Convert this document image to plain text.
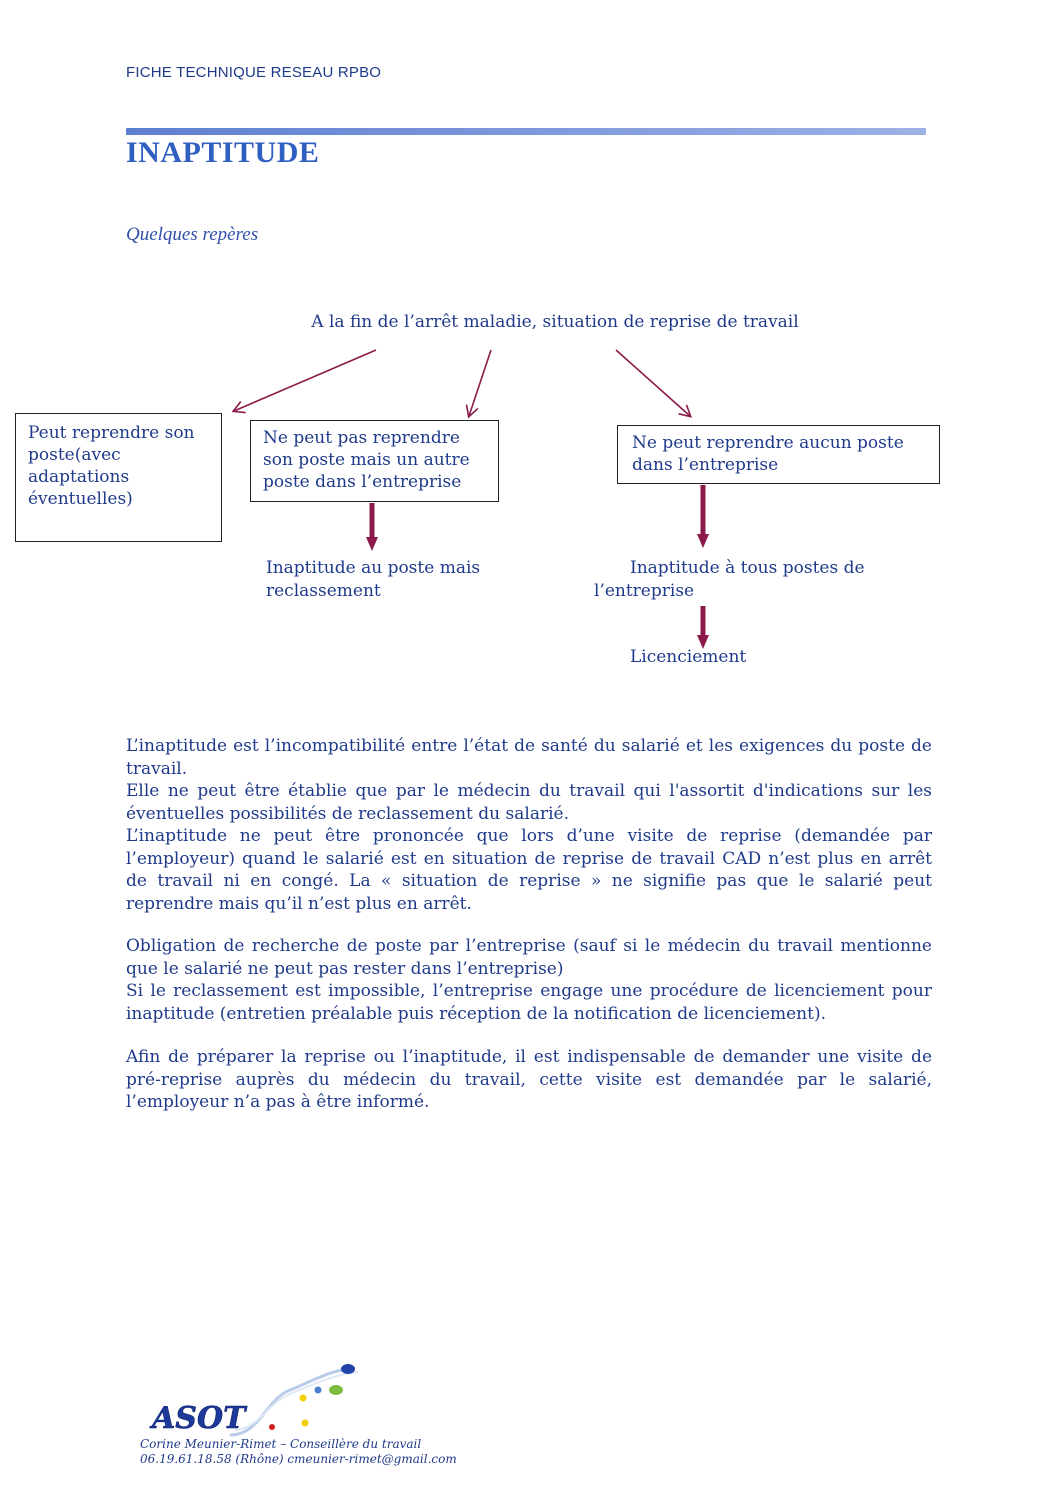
FICHE TECHNIQUE RESEAU RPBO
INAPTITUDE
Quelques repères
A la fin de l’arrêt maladie, situation de reprise de travail
Peut reprendre son poste(avec adaptations éventuelles)
Ne peut pas reprendre son poste mais un autre poste dans l’entreprise
Ne peut reprendre aucun poste dans l’entreprise
Inaptitude au poste mais reclassement
Inaptitude à tous postes de l’entreprise
Licenciement

L’inaptitude est l’incompatibilité entre l’état de santé du salarié et les exigences du poste de travail.

Elle ne peut être établie que par le médecin du travail qui l'assortit d'indications sur les éventuelles possibilités de reclassement du salarié.

L’inaptitude ne peut être prononcée que lors d’une visite de reprise (demandée par l’employeur) quand le salarié est en situation de reprise de travail CAD n’est plus en arrêt de travail ni en congé. La « situation de reprise » ne signifie pas que le salarié peut reprendre mais qu’il n’est plus en arrêt.

Obligation de recherche de poste par l’entreprise (sauf si le médecin du travail mentionne que le salarié ne peut pas rester dans l’entreprise)

Si le reclassement est impossible, l’entreprise engage une procédure de licenciement pour inaptitude (entretien préalable puis réception de la notification de licenciement).

Afin de préparer la reprise ou l’inaptitude, il est indispensable de demander une visite de pré-reprise auprès du médecin du travail, cette visite est demandée par le salarié, l’employeur n’a pas à être informé.

ASOT
Corine Meunier-Rimet – Conseillère du travail
06.19.61.18.58 (Rhône) cmeunier-rimet@gmail.com
